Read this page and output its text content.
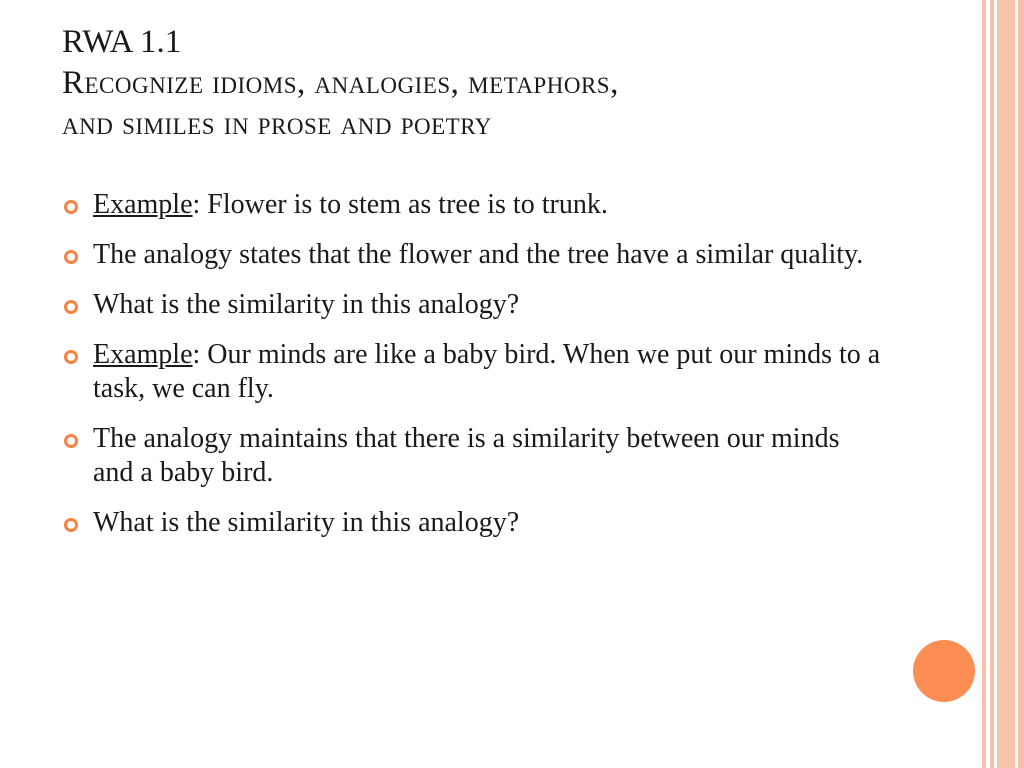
RWA 1.1
Recognize idioms, analogies, metaphors,
and similes in prose and poetry
Example: Flower is to stem as tree is to trunk.
The analogy states that the flower and the tree have a similar quality.
What is the similarity in this analogy?
Example: Our minds are like a baby bird. When we put our minds to a task, we can fly.
The analogy maintains that there is a similarity between our minds and a baby bird.
What is the similarity in this analogy?
